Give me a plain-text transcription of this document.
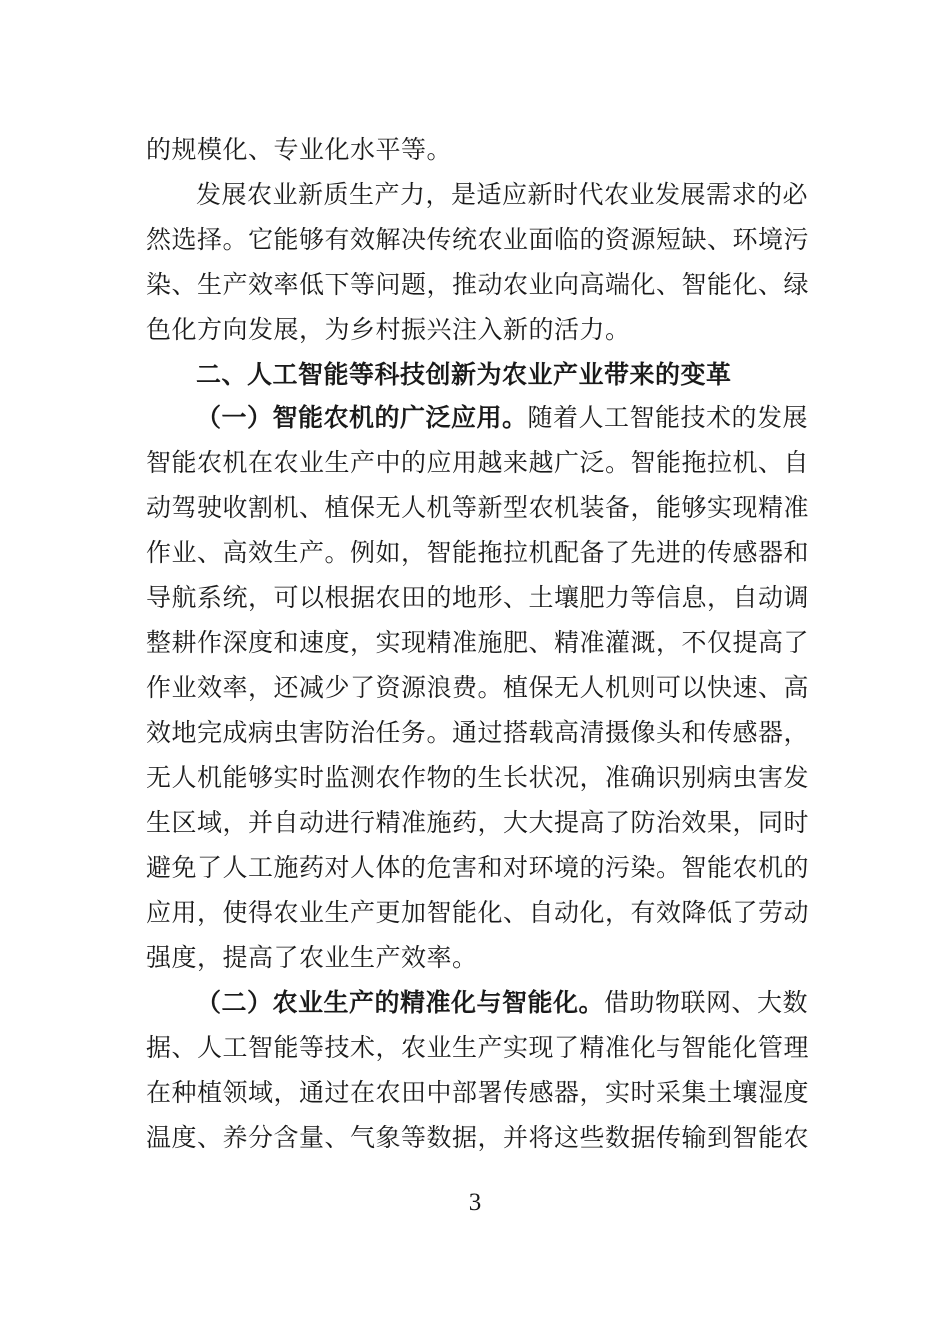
的规模化、专业化水平等。
发展农业新质生产力，是适应新时代农业发展需求的必
然选择。它能够有效解决传统农业面临的资源短缺、环境污
染、生产效率低下等问题，推动农业向高端化、智能化、绿
色化方向发展，为乡村振兴注入新的活力。
二、人工智能等科技创新为农业产业带来的变革
（一）智能农机的广泛应用。随着人工智能技术的发展
智能农机在农业生产中的应用越来越广泛。智能拖拉机、自
动驾驶收割机、植保无人机等新型农机装备，能够实现精准
作业、高效生产。例如，智能拖拉机配备了先进的传感器和
导航系统，可以根据农田的地形、土壤肥力等信息，自动调
整耕作深度和速度，实现精准施肥、精准灌溉，不仅提高了
作业效率，还减少了资源浪费。植保无人机则可以快速、高
效地完成病虫害防治任务。通过搭载高清摄像头和传感器，
无人机能够实时监测农作物的生长状况，准确识别病虫害发
生区域，并自动进行精准施药，大大提高了防治效果，同时
避免了人工施药对人体的危害和对环境的污染。智能农机的
应用，使得农业生产更加智能化、自动化，有效降低了劳动
强度，提高了农业生产效率。
（二）农业生产的精准化与智能化。借助物联网、大数
据、人工智能等技术，农业生产实现了精准化与智能化管理
在种植领域，通过在农田中部署传感器，实时采集土壤湿度
温度、养分含量、气象等数据，并将这些数据传输到智能农
3
